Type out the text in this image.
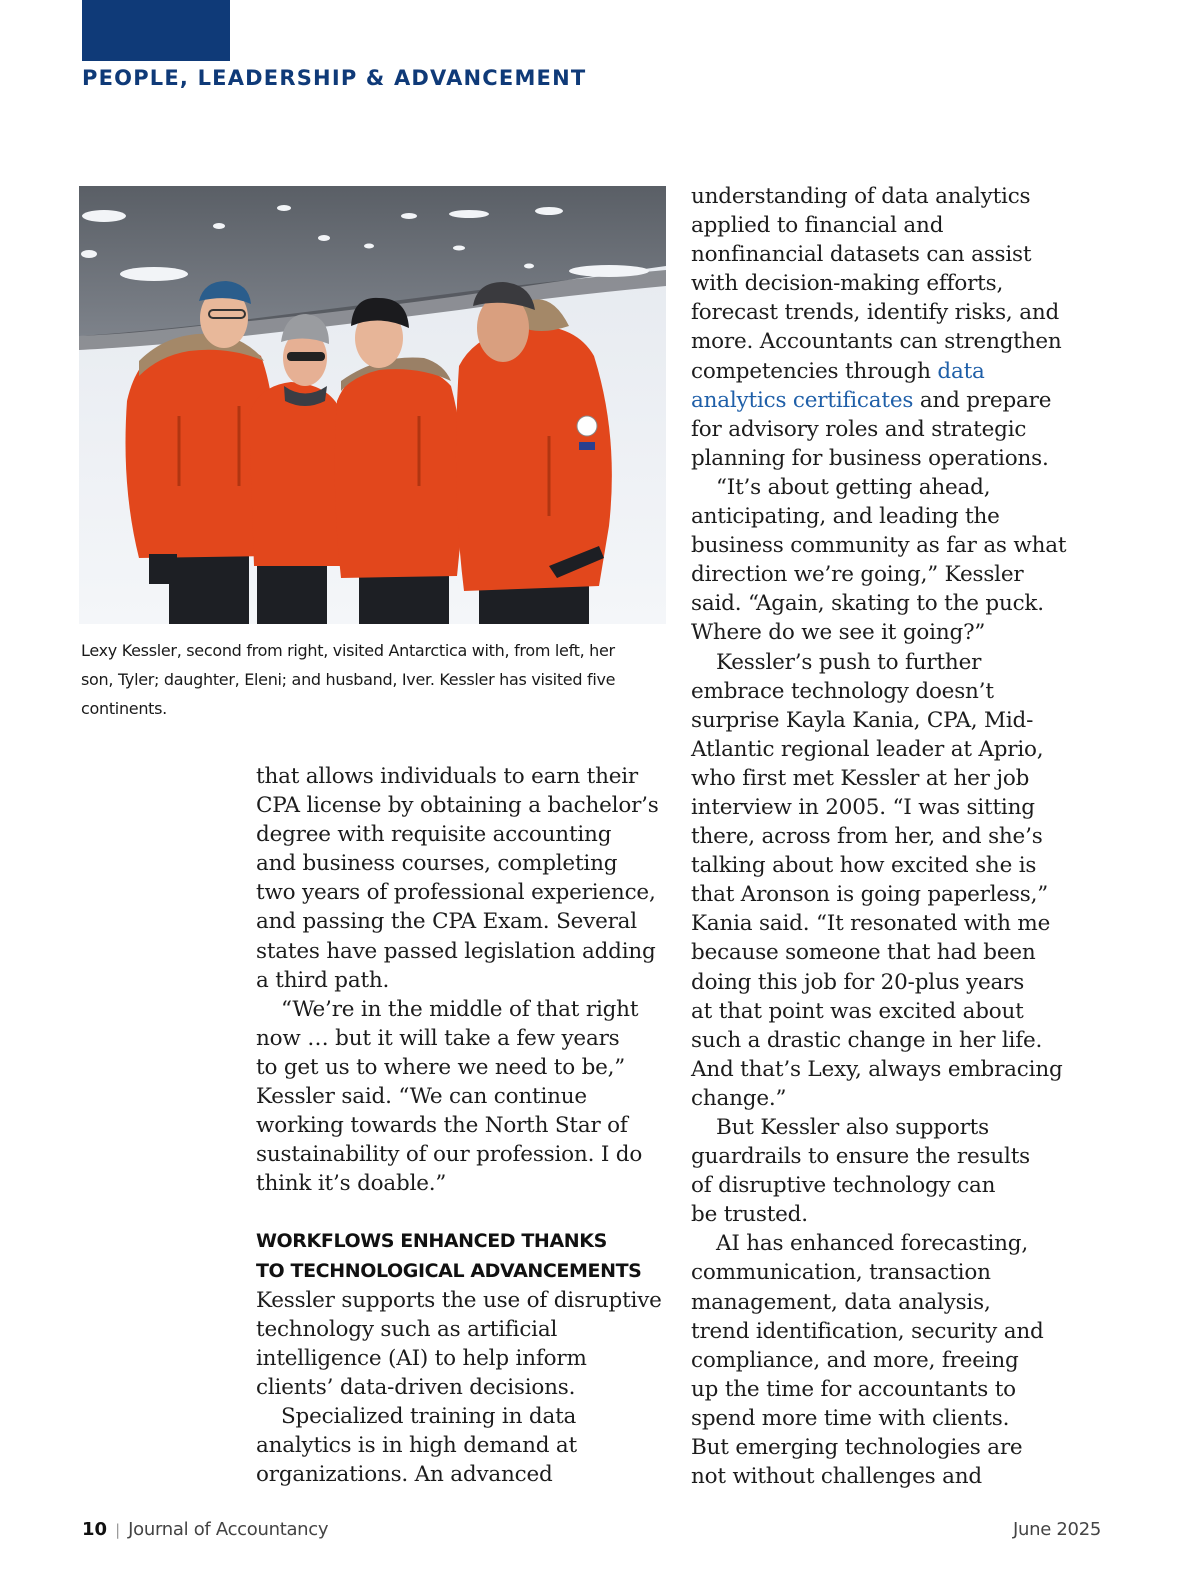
PEOPLE, LEADERSHIP & ADVANCEMENT
Lexy Kessler, second from right, visited Antarctica with, from left, her
son, Tyler; daughter, Eleni; and husband, Iver. Kessler has visited five
continents.
that allows individuals to earn their
CPA license by obtaining a bachelor’s
degree with requisite accounting
and business courses, completing
two years of professional experience,
and passing the CPA Exam. Several
states have passed legislation adding
a third path.
“We’re in the middle of that right
now … but it will take a few years
to get us to where we need to be,”
Kessler said. “We can continue
working towards the North Star of
sustainability of our profession. I do
think it’s doable.”
WORKFLOWS ENHANCED THANKS
TO TECHNOLOGICAL ADVANCEMENTS
Kessler supports the use of disruptive
technology such as artificial
intelligence (AI) to help inform
clients’ data-driven decisions.
Specialized training in data
analytics is in high demand at
organizations. An advanced
understanding of data analytics
applied to financial and
nonfinancial datasets can assist
with decision-making efforts,
forecast trends, identify risks, and
more. Accountants can strengthen
competencies through data
analytics certificates and prepare
for advisory roles and strategic
planning for business operations.
“It’s about getting ahead,
anticipating, and leading the
business community as far as what
direction we’re going,” Kessler
said. “Again, skating to the puck.
Where do we see it going?”
Kessler’s push to further
embrace technology doesn’t
surprise Kayla Kania, CPA, Mid-
Atlantic regional leader at Aprio,
who first met Kessler at her job
interview in 2005. “I was sitting
there, across from her, and she’s
talking about how excited she is
that Aronson is going paperless,”
Kania said. “It resonated with me
because someone that had been
doing this job for 20-plus years
at that point was excited about
such a drastic change in her life.
And that’s Lexy, always embracing
change.”
But Kessler also supports
guardrails to ensure the results
of disruptive technology can
be trusted.
AI has enhanced forecasting,
communication, transaction
management, data analysis,
trend identification, security and
compliance, and more, freeing
up the time for accountants to
spend more time with clients.
But emerging technologies are
not without challenges and
10 | Journal of Accountancy	June 2025
